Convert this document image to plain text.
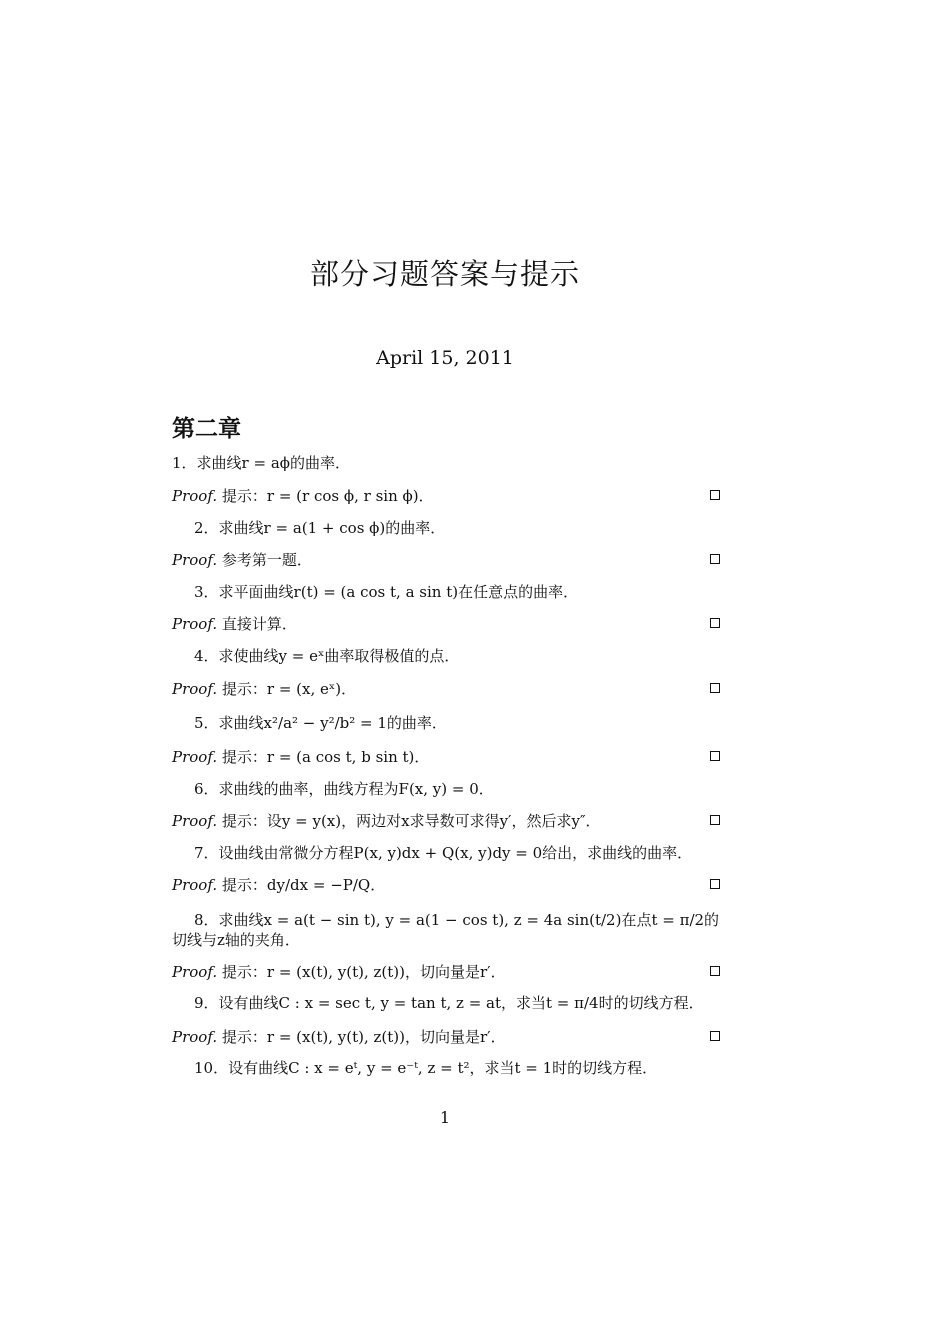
部分习题答案与提示
April 15, 2011
第二章
1．求曲线r = aϕ的曲率．
Proof. 提示：r = (r cos ϕ, r sin ϕ)．
2．求曲线r = a(1 + cos ϕ)的曲率．
Proof. 参考第一题．
3．求平面曲线r(t) = (a cos t, a sin t)在任意点的曲率．
Proof. 直接计算．
4．求使曲线y = eˣ曲率取得极值的点．
Proof. 提示：r = (x, eˣ)．
5．求曲线x²/a² − y²/b² = 1的曲率．
Proof. 提示：r = (a cos t, b sin t)．
6．求曲线的曲率，曲线方程为F(x, y) = 0．
Proof. 提示：设y = y(x)，两边对x求导数可求得y′，然后求y″．
7．设曲线由常微分方程P(x, y)dx + Q(x, y)dy = 0给出，求曲线的曲率．
Proof. 提示：dy/dx = −P/Q．
8．求曲线x = a(t − sin t), y = a(1 − cos t), z = 4a sin(t/2)在点t = π/2的切线与z轴的夹角．
Proof. 提示：r = (x(t), y(t), z(t))，切向量是r′．
9．设有曲线C : x = sec t, y = tan t, z = at，求当t = π/4时的切线方程．
Proof. 提示：r = (x(t), y(t), z(t))，切向量是r′．
10．设有曲线C : x = eᵗ, y = e⁻ᵗ, z = t²，求当t = 1时的切线方程．
1
